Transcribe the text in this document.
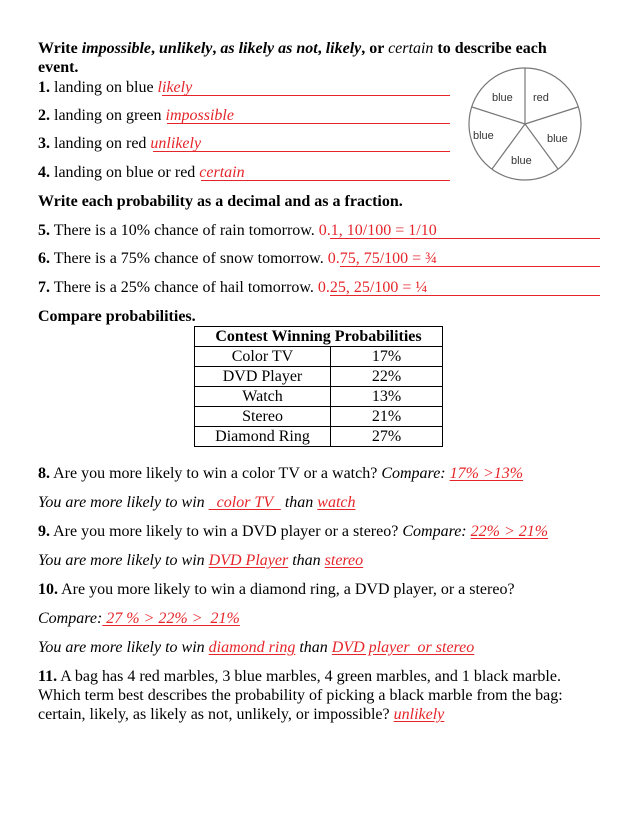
Write impossible, unlikely, as likely as not, likely, or certain to describe each
event.
blue red
blue	blue
blue
1. landing on blue likely
2. landing on green impossible
3. landing on red unlikely
4. landing on blue or red certain
Write each probability as a decimal and as a fraction.
5. There is a 10% chance of rain tomorrow. 0.1, 10/100 = 1/10
6. There is a 75% chance of snow tomorrow. 0.75, 75/100 = ¾
7. There is a 25% chance of hail tomorrow. 0.25, 25/100 = ¼
Compare probabilities.
Contest Winning Probabilities	
Color TV	17%
DVD Player	22%
Watch	13%
Stereo	21%
Diamond Ring	27%
8. Are you more likely to win a color TV or a watch? Compare: 17% >13%
You are more likely to win   color TV   than watch
9. Are you more likely to win a DVD player or a stereo? Compare: 22% > 21%
You are more likely to win DVD Player than stereo
10. Are you more likely to win a diamond ring, a DVD player, or a stereo?
Compare: 27 % > 22% >  21%
You are more likely to win diamond ring than DVD player  or stereo
11. A bag has 4 red marbles, 3 blue marbles, 4 green marbles, and 1 black marble.
Which term best describes the probability of picking a black marble from the bag:
certain, likely, as likely as not, unlikely, or impossible? unlikely
